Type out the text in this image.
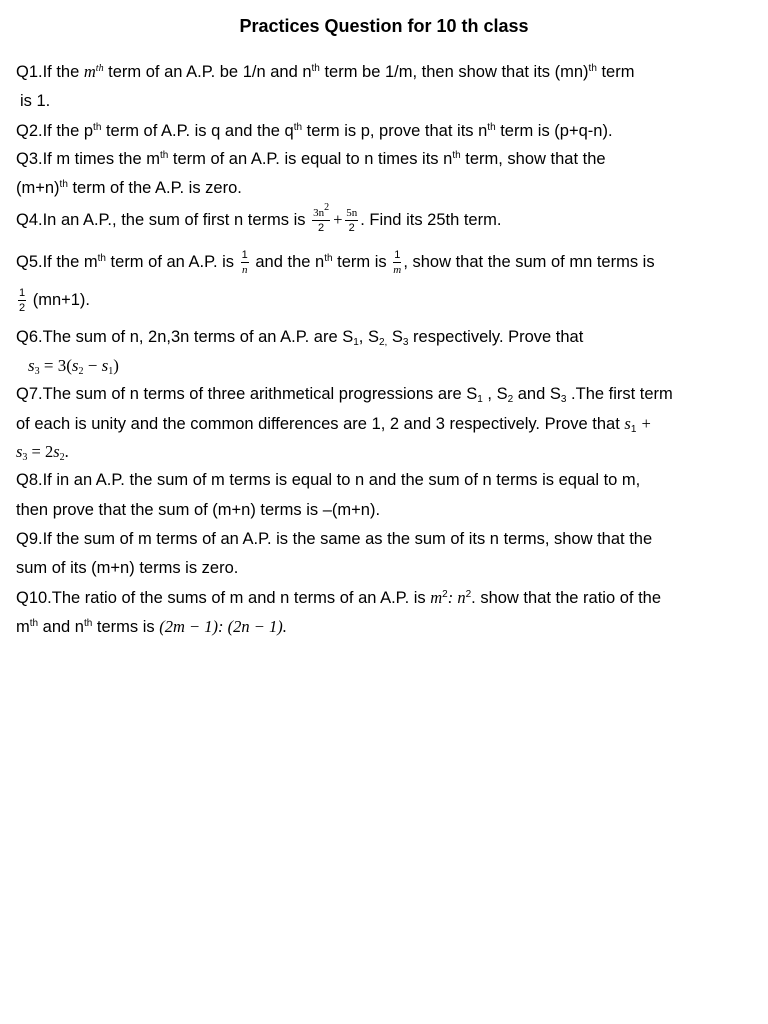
Practices Question for 10 th class
Q1.If the $m^{th}$ term of an A.P. be 1/n and $n^{th}$ term be 1/m, then show that its (mn)$^{th}$ term
is 1.
Q2.If the $p^{th}$ term of A.P. is q and the $q^{th}$ term is p, prove that its $n^{th}$ term is (p+q-n).
Q3.If m times the $m^{th}$ term of an A.P. is equal to n times its $n^{th}$ term, show that the
$(m+n)^{th}$ term of the A.P. is zero.
Q4.In an A.P., the sum of first n terms is $\frac{3n^2}{2} + \frac{5n}{2}$ . Find its 25th term.
Q5.If the $m^{th}$ term of an A.P. is $\frac{1}{n}$ and the $n^{th}$ term is $\frac{1}{m}$ , show that the sum of mn terms is
$\frac{1}{2} (mn+1)$.
Q6.The sum of n, 2n,3n terms of an A.P. are $S_1$, $S_{2,}$ $S_3$ respectively. Prove that
$s_3 = 3(s_2 - s_1)$
Q7.The sum of n terms of three arithmetical progressions are $S_1$ , $S_2$ and $S_3$ .The first term
of each is unity and the common differences are 1, 2 and 3 respectively. Prove that $s_1$ +
$s_3 = 2s_2$.
Q8.If in an A.P. the sum of m terms is equal to n and the sum of n terms is equal to m,
then prove that the sum of (m+n) terms is –(m+n).
Q9.If the sum of m terms of an A.P. is the same as the sum of its n terms, show that the
sum of its (m+n) terms is zero.
Q10.The ratio of the sums of m and n terms of an A.P. is $m^2$: $n^2$. show that the ratio of the
$m^{th}$ and $n^{th}$ terms is (2m − 1): (2n − 1).
